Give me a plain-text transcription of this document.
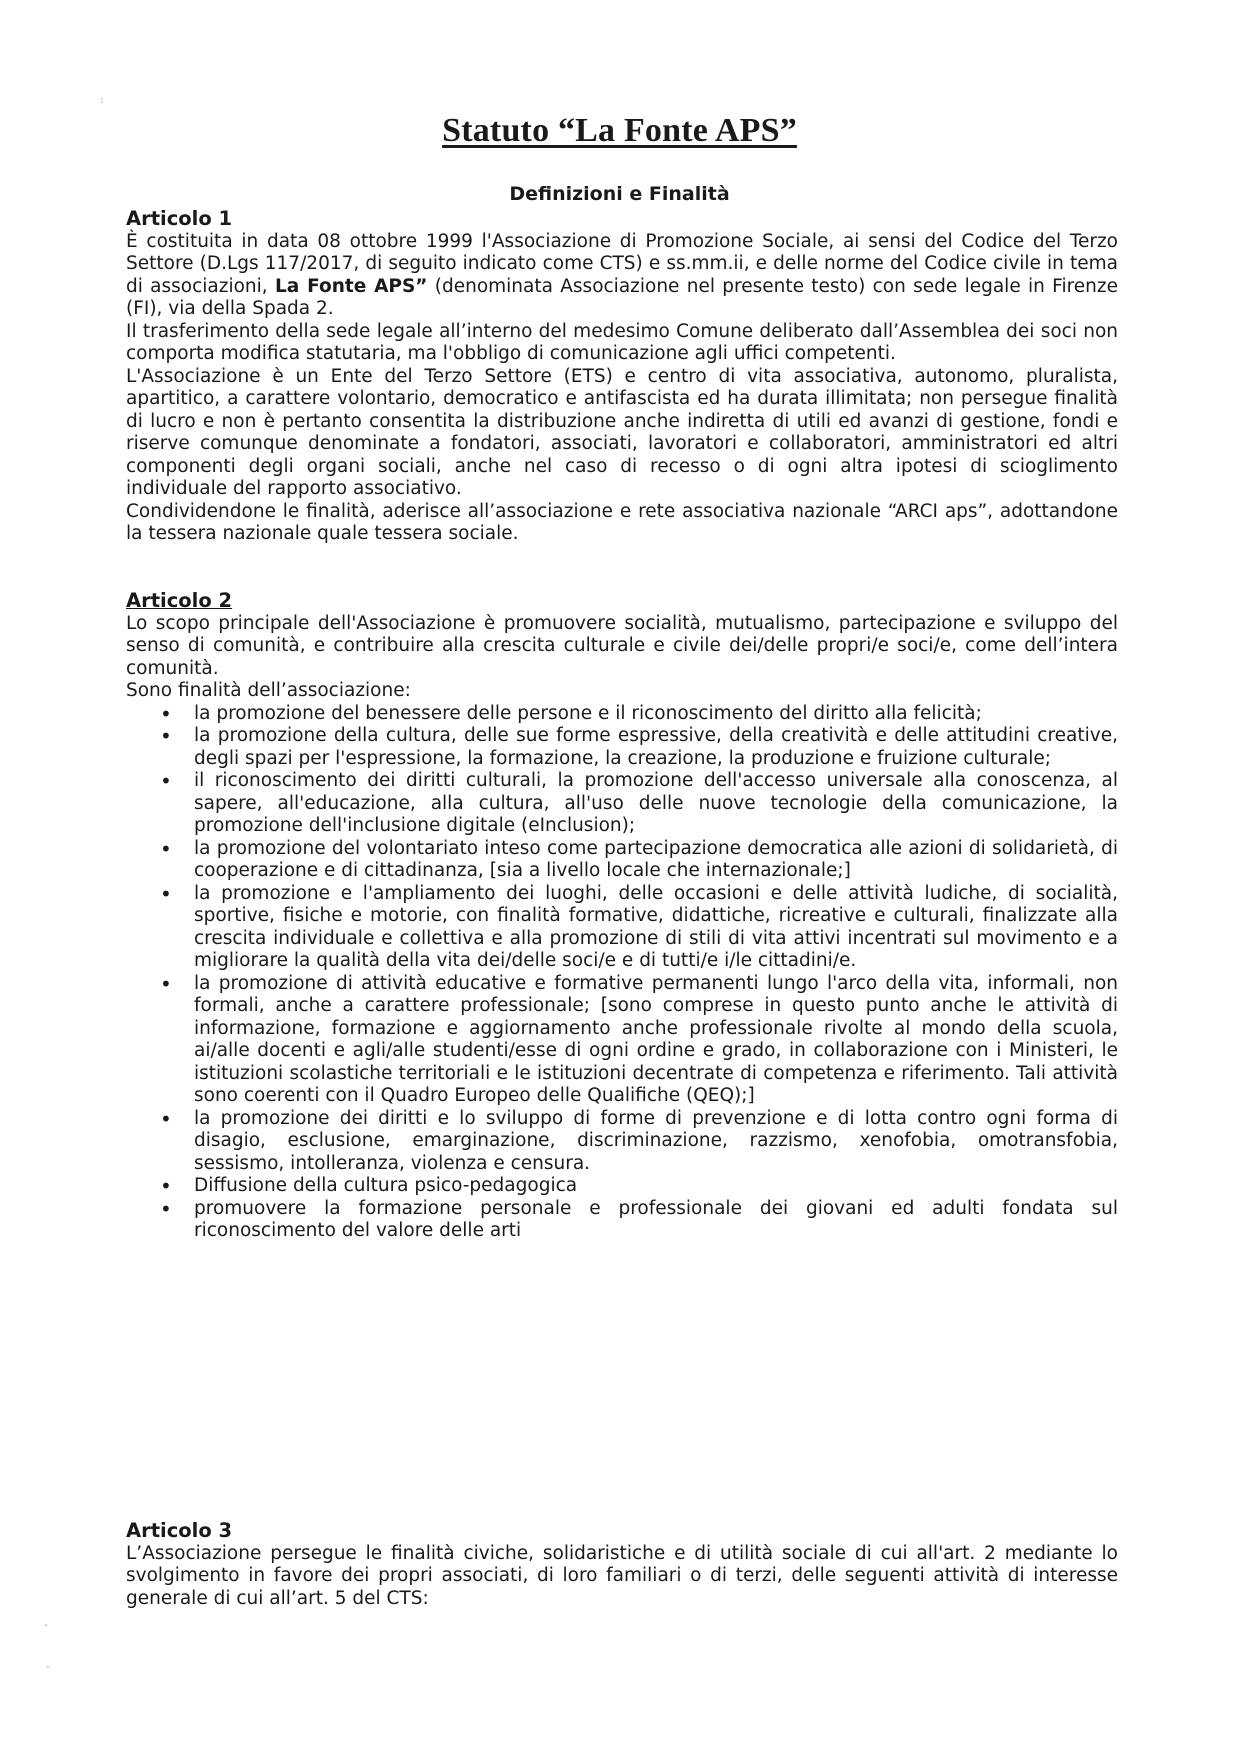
:
Statuto “La Fonte APS”
Definizioni e Finalità
Articolo 1

È costituita in data 08 ottobre 1999 l'Associazione di Promozione Sociale, ai sensi del Codice del Terzo Settore (D.Lgs 117/2017, di seguito indicato come CTS) e ss.mm.ii, e delle norme del Codice civile in tema di associazioni, La Fonte APS” (denominata Associazione nel presente testo) con sede legale in Firenze (FI), via della Spada 2.

Il trasferimento della sede legale all’interno del medesimo Comune deliberato dall’Assemblea dei soci non comporta modifica statutaria, ma l'obbligo di comunicazione agli uffici competenti.

L'Associazione è un Ente del Terzo Settore (ETS) e centro di vita associativa, autonomo, pluralista, apartitico, a carattere volontario, democratico e antifascista ed ha durata illimitata; non persegue finalità di lucro e non è pertanto consentita la distribuzione anche indiretta di utili ed avanzi di gestione, fondi e riserve comunque denominate a fondatori, associati, lavoratori e collaboratori, amministratori ed altri componenti degli organi sociali, anche nel caso di recesso o di ogni altra ipotesi di scioglimento individuale del rapporto associativo.

Condividendone le finalità, aderisce all’associazione e rete associativa nazionale “ARCI aps”, adottandone la tessera nazionale quale tessera sociale.

Articolo 2

Lo scopo principale dell'Associazione è promuovere socialità, mutualismo, partecipazione e sviluppo del senso di comunità, e contribuire alla crescita culturale e civile dei/delle propri/e soci/e, come dell’intera comunità.

Sono finalità dell’associazione:

• la promozione del benessere delle persone e il riconoscimento del diritto alla felicità;
• la promozione della cultura, delle sue forme espressive, della creatività e delle attitudini creative, degli spazi per l'espressione, la formazione, la creazione, la produzione e fruizione culturale;
• il riconoscimento dei diritti culturali, la promozione dell'accesso universale alla conoscenza, al sapere, all'educazione, alla cultura, all'uso delle nuove tecnologie della comunicazione, la promozione dell'inclusione digitale (eInclusion);
• la promozione del volontariato inteso come partecipazione democratica alle azioni di solidarietà, di cooperazione e di cittadinanza, [sia a livello locale che internazionale;]
• la promozione e l'ampliamento dei luoghi, delle occasioni e delle attività ludiche, di socialità, sportive, fisiche e motorie, con finalità formative, didattiche, ricreative e culturali, finalizzate alla crescita individuale e collettiva e alla promozione di stili di vita attivi incentrati sul movimento e a migliorare la qualità della vita dei/delle soci/e e di tutti/e i/le cittadini/e.
• la promozione di attività educative e formative permanenti lungo l'arco della vita, informali, non formali, anche a carattere professionale; [sono comprese in questo punto anche le attività di informazione, formazione e aggiornamento anche professionale rivolte al mondo della scuola, ai/alle docenti e agli/alle studenti/esse di ogni ordine e grado, in collaborazione con i Ministeri, le istituzioni scolastiche territoriali e le istituzioni decentrate di competenza e riferimento. Tali attività sono coerenti con il Quadro Europeo delle Qualifiche (QEQ);]
• la promozione dei diritti e lo sviluppo di forme di prevenzione e di lotta contro ogni forma di disagio, esclusione, emarginazione, discriminazione, razzismo, xenofobia, omotransfobia, sessismo, intolleranza, violenza e censura.
• Diffusione della cultura psico-pedagogica
• promuovere la formazione personale e professionale dei giovani ed adulti fondata sul riconoscimento del valore delle arti
Articolo 3

L’Associazione persegue le finalità civiche, solidaristiche e di utilità sociale di cui all'art. 2 mediante lo svolgimento in favore dei propri associati, di loro familiari o di terzi, delle seguenti attività di interesse generale di cui all’art. 5 del CTS:

-
-
